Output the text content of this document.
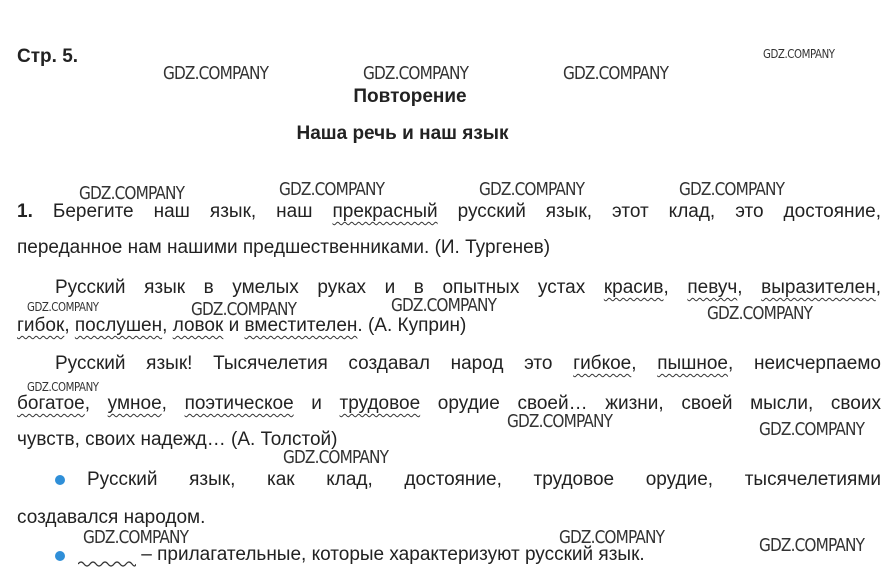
Стр. 5.
Повторение
Наша речь и наш язык
1. Берегите наш язык, наш прекрасный русский язык, этот клад, это достояние,
переданное нам нашими предшественниками. (И. Тургенев)
Русский язык в умелых руках и в опытных устах красив, певуч, выразителен,
гибок, послушен, ловок и вместителен. (А. Куприн)
Русский язык! Тысячелетия создавал народ это гибкое, пышное, неисчерпаемо
богатое, умное, поэтическое и трудовое орудие своей… жизни, своей мысли, своих
чувств, своих надежд… (А. Толстой)
Русский язык, как клад, достояние, трудовое орудие, тысячелетиями
создавался народом.
– прилагательные, которые характеризуют русский язык.
GDZ.COMPANY	GDZ.COMPANY	GDZ.COMPANY
GDZ.COMPANY
GDZ.COMPANY	GDZ.COMPANY	GDZ.COMPANY	GDZ.COMPANY
GDZ.COMPANY	GDZ.COMPANY	GDZ.COMPANY	GDZ.COMPANY
GDZ.COMPANY
GDZ.COMPANY	GDZ.COMPANY
GDZ.COMPANY
GDZ.COMPANY	GDZ.COMPANY	GDZ.COMPANY
